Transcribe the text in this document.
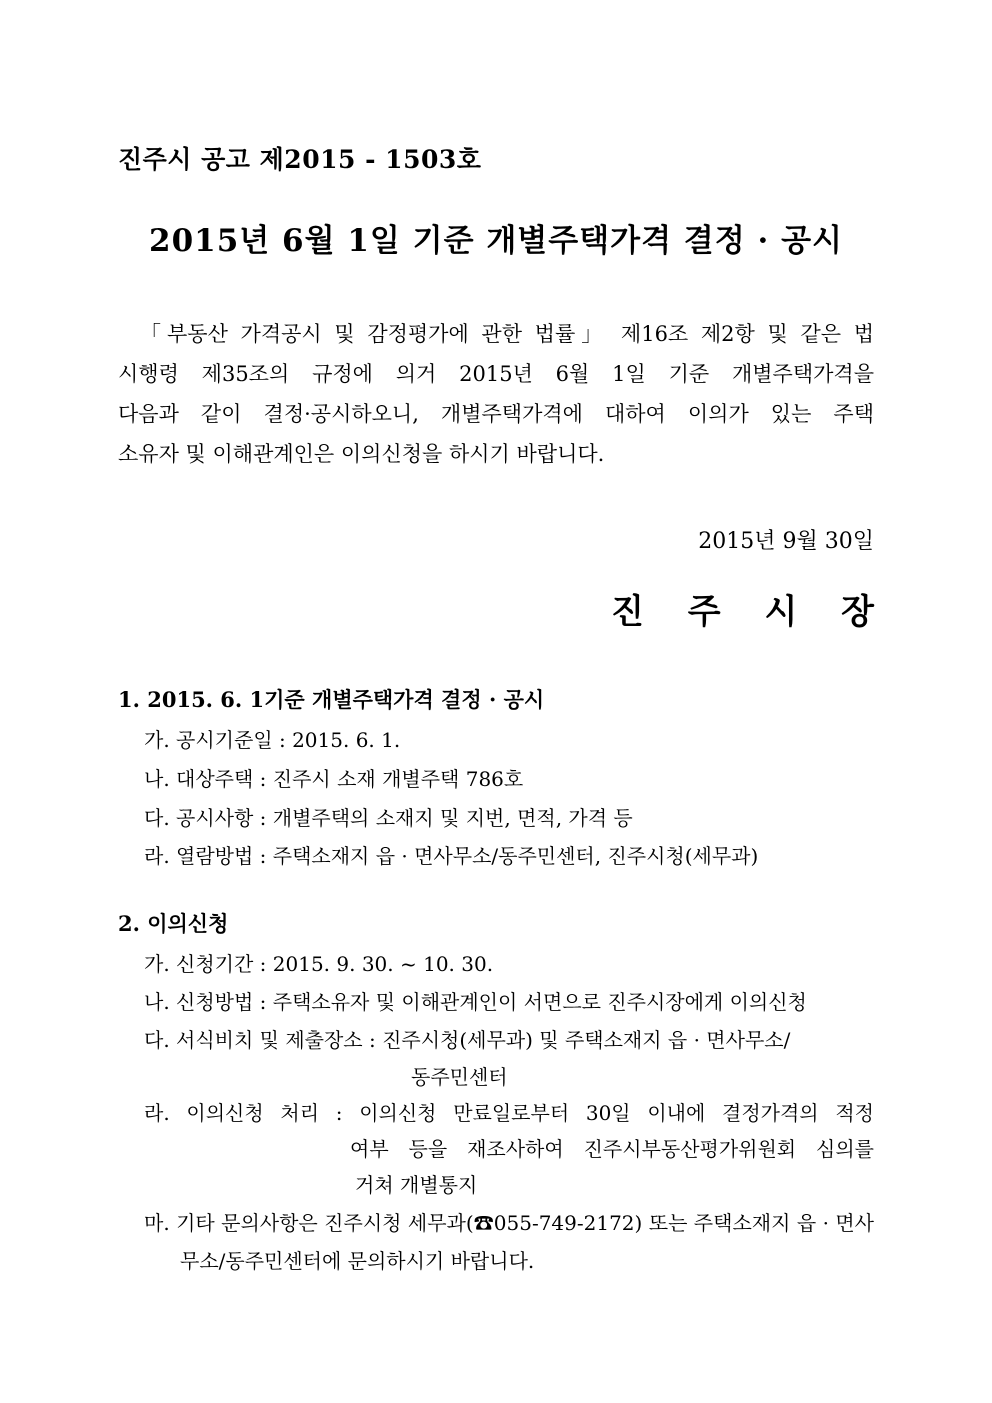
진주시 공고 제2015 - 1503호
2015년 6월 1일 기준 개별주택가격 결정 · 공시
「부동산 가격공시 및 감정평가에 관한 법률」 제16조 제2항 및 같은 법
시행령 제35조의 규정에 의거 2015년 6월 1일 기준 개별주택가격을
다음과 같이 결정·공시하오니, 개별주택가격에 대하여 이의가 있는 주택
소유자 및 이해관계인은 이의신청을 하시기 바랍니다.
2015년 9월 30일
진 주 시 장
1. 2015. 6. 1기준 개별주택가격 결정 · 공시
가. 공시기준일 : 2015. 6. 1.
나. 대상주택 : 진주시 소재 개별주택 786호
다. 공시사항 : 개별주택의 소재지 및 지번, 면적, 가격 등
라. 열람방법 : 주택소재지 읍 · 면사무소/동주민센터, 진주시청(세무과)
2. 이의신청
가. 신청기간 : 2015. 9. 30. ~ 10. 30.
나. 신청방법 : 주택소유자 및 이해관계인이 서면으로 진주시장에게 이의신청
다. 서식비치 및 제출장소 : 진주시청(세무과) 및 주택소재지 읍 · 면사무소/
동주민센터
라. 이의신청 처리 : 이의신청 만료일로부터 30일 이내에 결정가격의 적정
여부 등을 재조사하여 진주시부동산평가위원회 심의를
거쳐 개별통지
마. 기타 문의사항은 진주시청 세무과(☎055-749-2172) 또는 주택소재지 읍 · 면사
무소/동주민센터에 문의하시기 바랍니다.
